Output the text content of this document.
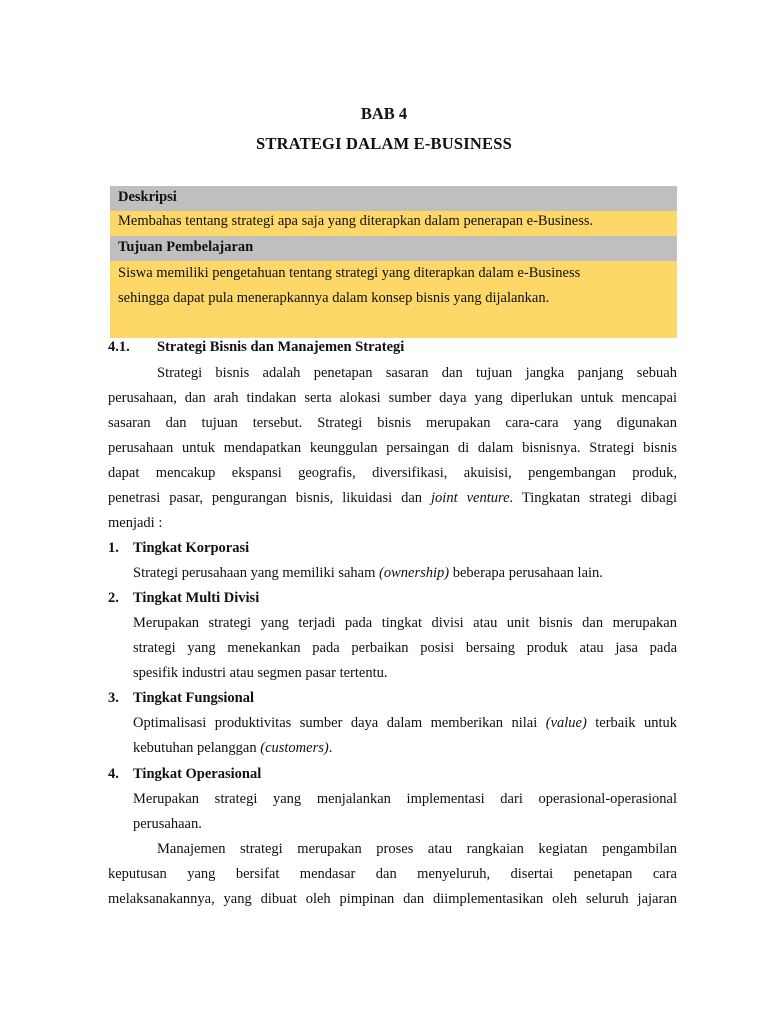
BAB 4
STRATEGI DALAM E-BUSINESS
Deskripsi
Membahas tentang strategi apa saja yang diterapkan dalam penerapan e-Business.
Tujuan Pembelajaran
Siswa memiliki pengetahuan tentang strategi yang diterapkan dalam e-Business
sehingga dapat pula menerapkannya dalam konsep bisnis yang dijalankan.
4.1. Strategi Bisnis dan Manajemen Strategi
Strategi bisnis adalah penetapan sasaran dan tujuan jangka panjang sebuah
perusahaan, dan arah tindakan serta alokasi sumber daya yang diperlukan untuk mencapai
sasaran dan tujuan tersebut. Strategi bisnis merupakan cara-cara yang digunakan
perusahaan untuk mendapatkan keunggulan persaingan di dalam bisnisnya. Strategi bisnis
dapat mencakup ekspansi geografis, diversifikasi, akuisisi, pengembangan produk,
penetrasi pasar, pengurangan bisnis, likuidasi dan joint venture. Tingkatan strategi dibagi
menjadi :
1. Tingkat Korporasi
Strategi perusahaan yang memiliki saham (ownership) beberapa perusahaan lain.
2. Tingkat Multi Divisi
Merupakan strategi yang terjadi pada tingkat divisi atau unit bisnis dan merupakan
strategi yang menekankan pada perbaikan posisi bersaing produk atau jasa pada
spesifik industri atau segmen pasar tertentu.
3. Tingkat Fungsional
Optimalisasi produktivitas sumber daya dalam memberikan nilai (value) terbaik untuk
kebutuhan pelanggan (customers).
4. Tingkat Operasional
Merupakan strategi yang menjalankan implementasi dari operasional-operasional
perusahaan.
Manajemen strategi merupakan proses atau rangkaian kegiatan pengambilan
keputusan yang bersifat mendasar dan menyeluruh, disertai penetapan cara
melaksanakannya, yang dibuat oleh pimpinan dan diimplementasikan oleh seluruh jajaran
